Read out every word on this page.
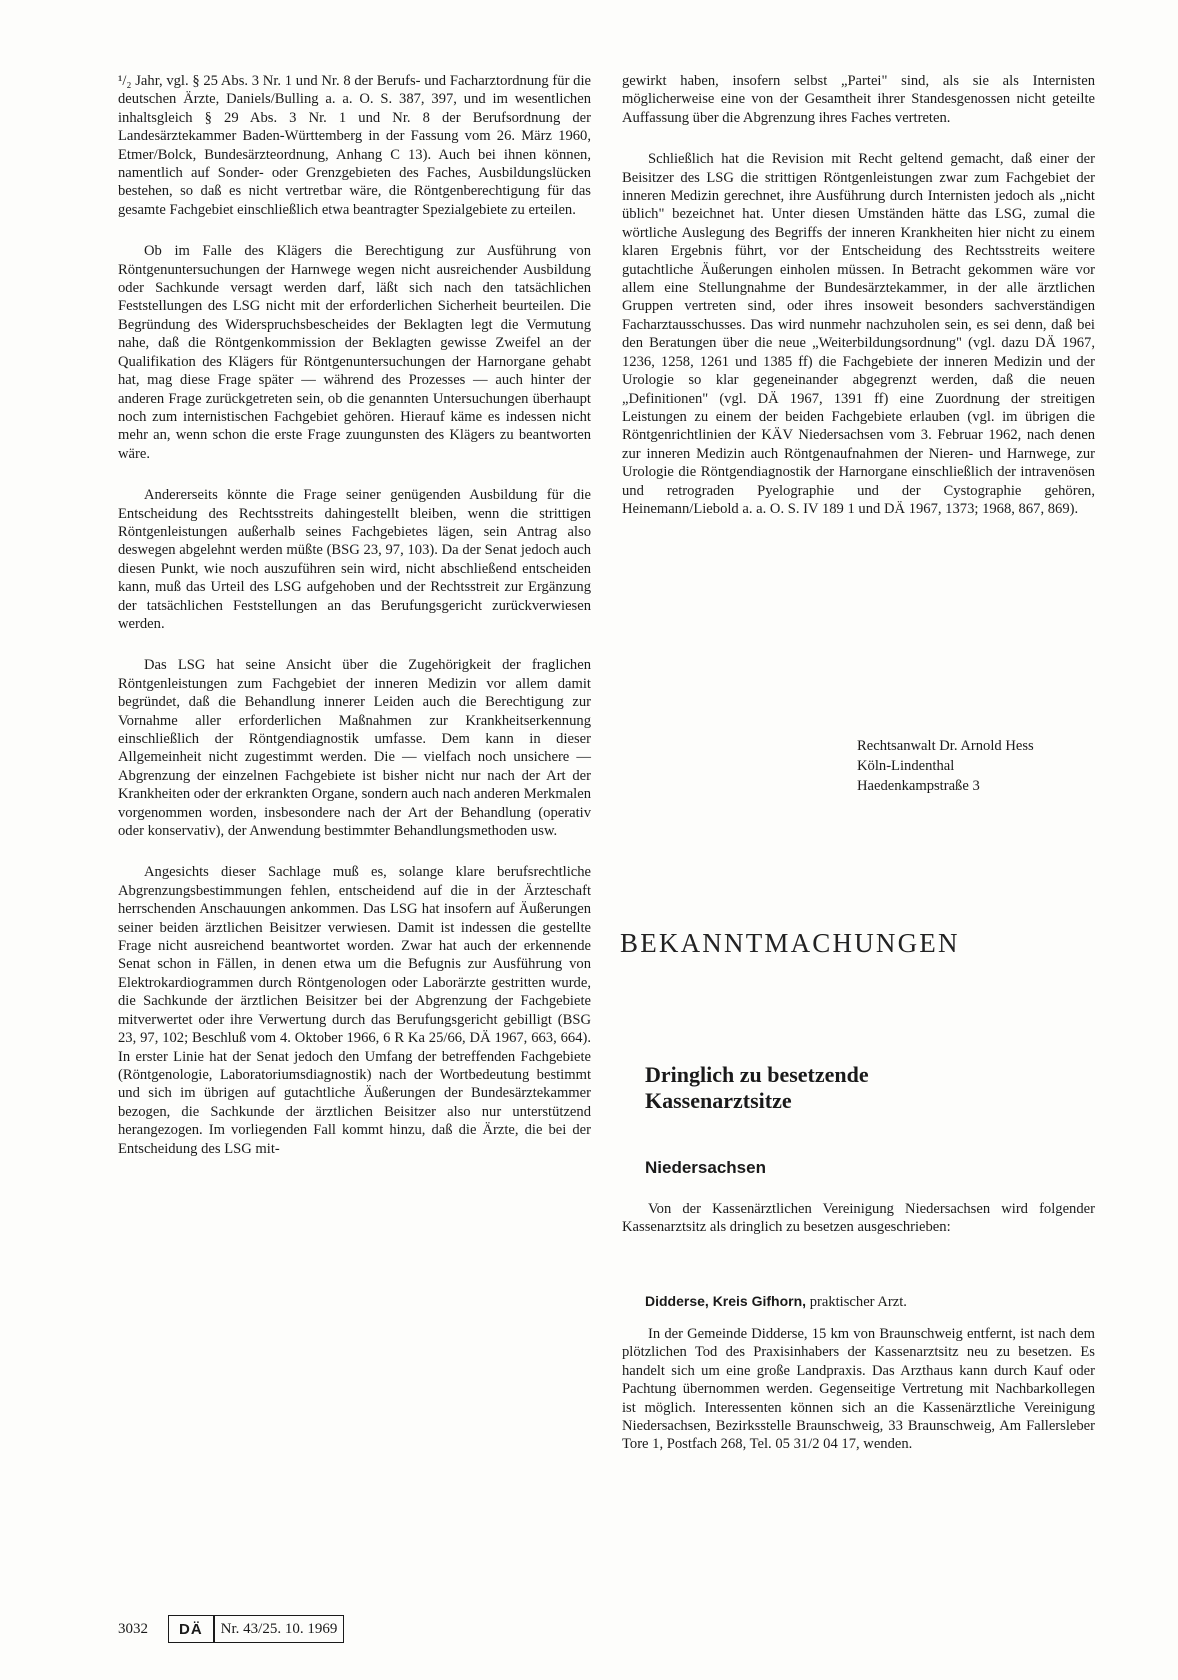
¹/₂ Jahr, vgl. § 25 Abs. 3 Nr. 1 und Nr. 8 der Berufs- und Facharztordnung für die deutschen Ärzte, Daniels/Bulling a. a. O. S. 387, 397, und im wesentlichen inhaltsgleich § 29 Abs. 3 Nr. 1 und Nr. 8 der Berufsordnung der Landesärztekammer Baden-Württemberg in der Fassung vom 26. März 1960, Etmer/Bolck, Bundesärzteordnung, Anhang C 13). Auch bei ihnen können, namentlich auf Sonder- oder Grenzgebieten des Faches, Ausbildungslücken bestehen, so daß es nicht vertretbar wäre, die Röntgenberechtigung für das gesamte Fachgebiet einschließlich etwa beantragter Spezialgebiete zu erteilen.

Ob im Falle des Klägers die Berechtigung zur Ausführung von Röntgenuntersuchungen der Harnwege wegen nicht ausreichender Ausbildung oder Sachkunde versagt werden darf, läßt sich nach den tatsächlichen Feststellungen des LSG nicht mit der erforderlichen Sicherheit beurteilen. Die Begründung des Widerspruchsbescheides der Beklagten legt die Vermutung nahe, daß die Röntgenkommission der Beklagten gewisse Zweifel an der Qualifikation des Klägers für Röntgenuntersuchungen der Harnorgane gehabt hat, mag diese Frage später — während des Prozesses — auch hinter der anderen Frage zurückgetreten sein, ob die genannten Untersuchungen überhaupt noch zum internistischen Fachgebiet gehören. Hierauf käme es indessen nicht mehr an, wenn schon die erste Frage zuungunsten des Klägers zu beantworten wäre.

Andererseits könnte die Frage seiner genügenden Ausbildung für die Entscheidung des Rechtsstreits dahingestellt bleiben, wenn die strittigen Röntgenleistungen außerhalb seines Fachgebietes lägen, sein Antrag also deswegen abgelehnt werden müßte (BSG 23, 97, 103). Da der Senat jedoch auch diesen Punkt, wie noch auszuführen sein wird, nicht abschließend entscheiden kann, muß das Urteil des LSG aufgehoben und der Rechtsstreit zur Ergänzung der tatsächlichen Feststellungen an das Berufungsgericht zurückverwiesen werden.

Das LSG hat seine Ansicht über die Zugehörigkeit der fraglichen Röntgenleistungen zum Fachgebiet der inneren Medizin vor allem damit begründet, daß die Behandlung innerer Leiden auch die Berechtigung zur Vornahme aller erforderlichen Maßnahmen zur Krankheitserkennung einschließlich der Röntgendiagnostik umfasse. Dem kann in dieser Allgemeinheit nicht zugestimmt werden. Die — vielfach noch unsichere — Abgrenzung der einzelnen Fachgebiete ist bisher nicht nur nach der Art der Krankheiten oder der erkrankten Organe, sondern auch nach anderen Merkmalen vorgenommen worden, insbesondere nach der Art der Behandlung (operativ oder konservativ), der Anwendung bestimmter Behandlungsmethoden usw.

Angesichts dieser Sachlage muß es, solange klare berufsrechtliche Abgrenzungsbestimmungen fehlen, entscheidend auf die in der Ärzteschaft herrschenden Anschauungen ankommen. Das LSG hat insofern auf Äußerungen seiner beiden ärztlichen Beisitzer verwiesen. Damit ist indessen die gestellte Frage nicht ausreichend beantwortet worden. Zwar hat auch der erkennende Senat schon in Fällen, in denen etwa um die Befugnis zur Ausführung von Elektrokardiogrammen durch Röntgenologen oder Laborärzte gestritten wurde, die Sachkunde der ärztlichen Beisitzer bei der Abgrenzung der Fachgebiete mitverwertet oder ihre Verwertung durch das Berufungsgericht gebilligt (BSG 23, 97, 102; Beschluß vom 4. Oktober 1966, 6 R Ka 25/66, DÄ 1967, 663, 664). In erster Linie hat der Senat jedoch den Umfang der betreffenden Fachgebiete (Röntgenologie, Laboratoriumsdiagnostik) nach der Wortbedeutung bestimmt und sich im übrigen auf gutachtliche Äußerungen der Bundesärztekammer bezogen, die Sachkunde der ärztlichen Beisitzer also nur unterstützend herangezogen. Im vorliegenden Fall kommt hinzu, daß die Ärzte, die bei der Entscheidung des LSG mit-

gewirkt haben, insofern selbst „Partei" sind, als sie als Internisten möglicherweise eine von der Gesamtheit ihrer Standesgenossen nicht geteilte Auffassung über die Abgrenzung ihres Faches vertreten.

Schließlich hat die Revision mit Recht geltend gemacht, daß einer der Beisitzer des LSG die strittigen Röntgenleistungen zwar zum Fachgebiet der inneren Medizin gerechnet, ihre Ausführung durch Internisten jedoch als „nicht üblich" bezeichnet hat. Unter diesen Umständen hätte das LSG, zumal die wörtliche Auslegung des Begriffs der inneren Krankheiten hier nicht zu einem klaren Ergebnis führt, vor der Entscheidung des Rechtsstreits weitere gutachtliche Äußerungen einholen müssen. In Betracht gekommen wäre vor allem eine Stellungnahme der Bundesärztekammer, in der alle ärztlichen Gruppen vertreten sind, oder ihres insoweit besonders sachverständigen Facharztausschusses. Das wird nunmehr nachzuholen sein, es sei denn, daß bei den Beratungen über die neue „Weiterbildungsordnung" (vgl. dazu DÄ 1967, 1236, 1258, 1261 und 1385 ff) die Fachgebiete der inneren Medizin und der Urologie so klar gegeneinander abgegrenzt werden, daß die neuen „Definitionen" (vgl. DÄ 1967, 1391 ff) eine Zuordnung der streitigen Leistungen zu einem der beiden Fachgebiete erlauben (vgl. im übrigen die Röntgenrichtlinien der KÄV Niedersachsen vom 3. Februar 1962, nach denen zur inneren Medizin auch Röntgenaufnahmen der Nieren- und Harnwege, zur Urologie die Röntgendiagnostik der Harnorgane einschließlich der intravenösen und retrograden Pyelographie und der Cystographie gehören, Heinemann/Liebold a. a. O. S. IV 189 1 und DÄ 1967, 1373; 1968, 867, 869).

Rechtsanwalt Dr. Arnold Hess
Köln-Lindenthal
Haedenkampstraße 3
BEKANNTMACHUNGEN
Dringlich zu besetzende
Kassenarztsitze
Niedersachsen

Von der Kassenärztlichen Vereinigung Niedersachsen wird folgender Kassenarztsitz als dringlich zu besetzen ausgeschrieben:

Didderse, Kreis Gifhorn, praktischer Arzt.

In der Gemeinde Didderse, 15 km von Braunschweig entfernt, ist nach dem plötzlichen Tod des Praxisinhabers der Kassenarztsitz neu zu besetzen. Es handelt sich um eine große Landpraxis. Das Arzthaus kann durch Kauf oder Pachtung übernommen werden. Gegenseitige Vertretung mit Nachbarkollegen ist möglich. Interessenten können sich an die Kassenärztliche Vereinigung Niedersachsen, Bezirksstelle Braunschweig, 33 Braunschweig, Am Fallersleber Tore 1, Postfach 268, Tel. 05 31/2 04 17, wenden.

3032	DÄ	Nr. 43/25. 10. 1969
